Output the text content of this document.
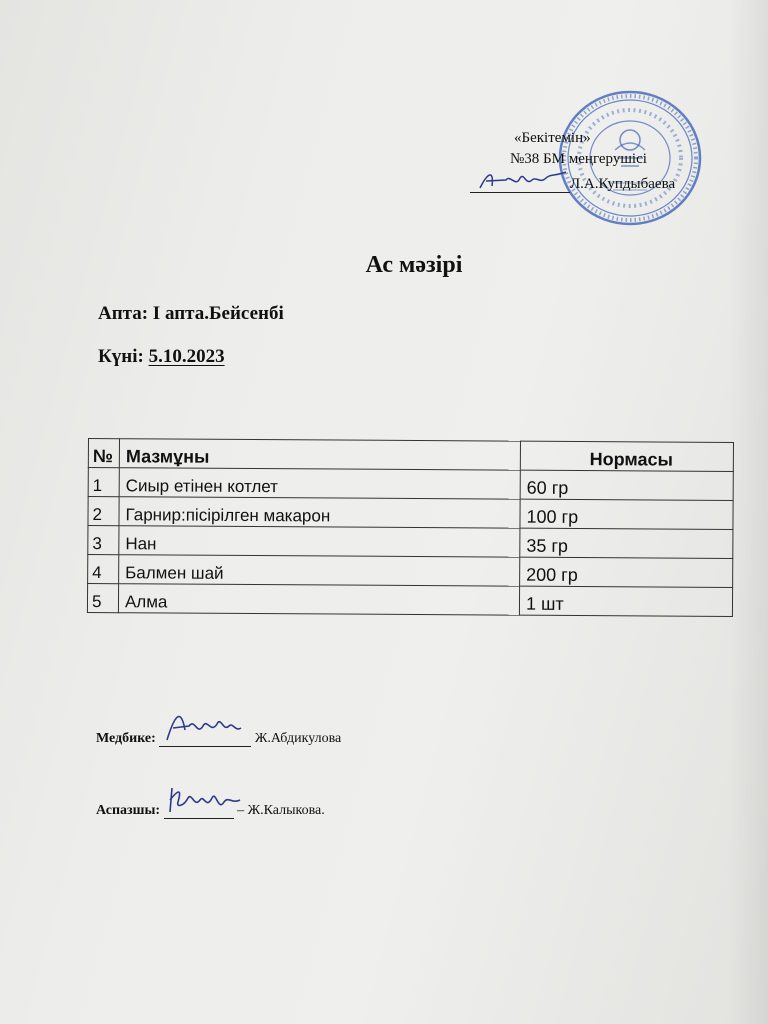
«Бекітемін»
№38 БМ меңгерушісі
Л.А.Купдыбаева
Ас мәзірі
Апта: I апта.Бейсенбі
Күні: 5.10.2023
№	Мазмұны	Нормасы
1	Сиыр етінен котлет	60 гр
2	Гарнир:пісірілген макарон	100 гр
3	Нан	35 гр
4	Балмен шай	200 гр
5	Алма	1 шт
Медбике:	Ж.Абдикулова
Аспазшы:	– Ж.Калыкова.
